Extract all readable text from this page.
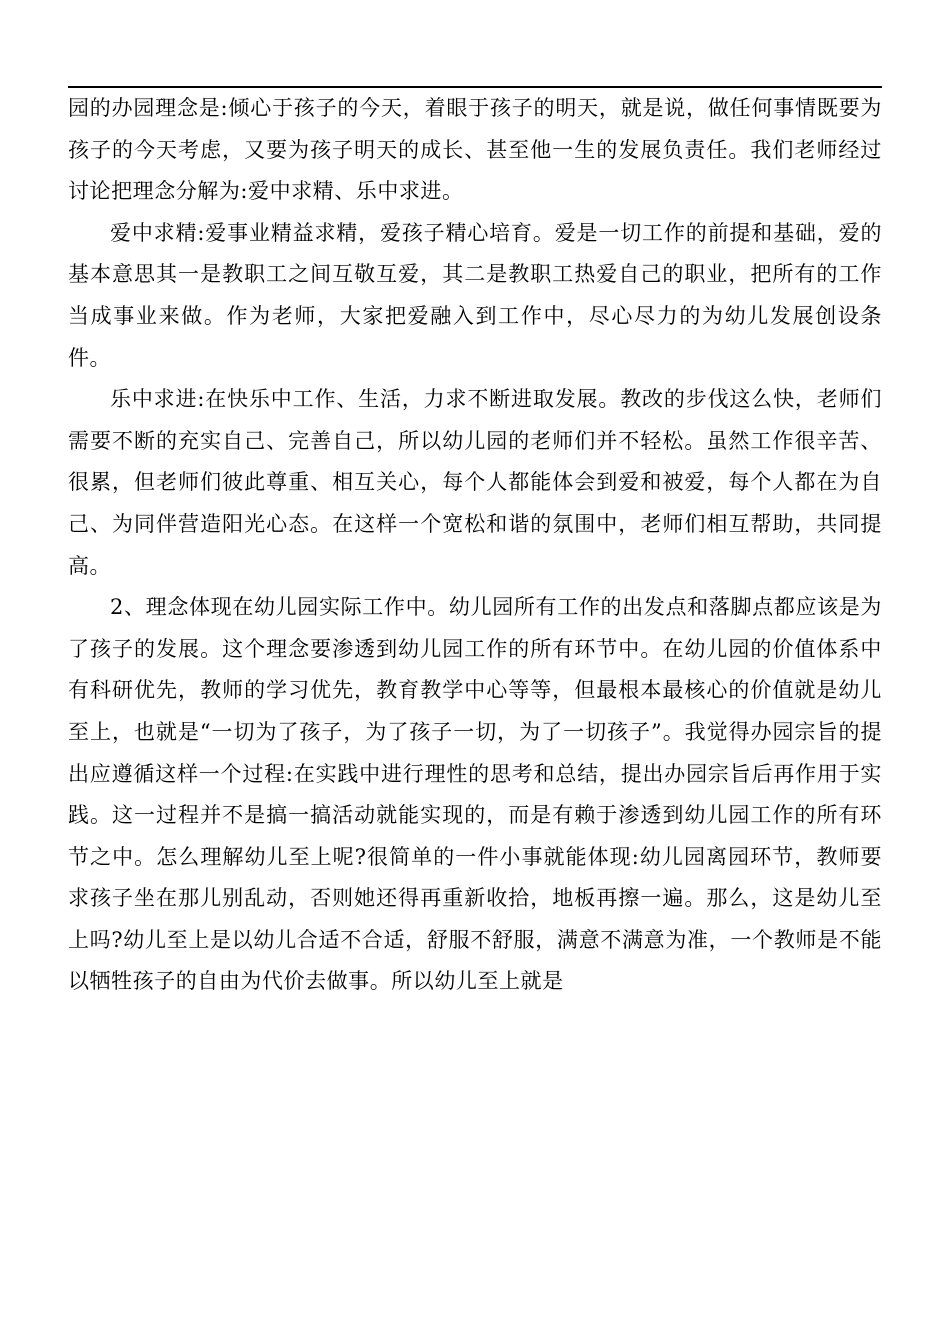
园的办园理念是:倾心于孩子的今天，着眼于孩子的明天，就是说，做任何事情既要为孩子的今天考虑，又要为孩子明天的成长、甚至他一生的发展负责任。我们老师经过讨论把理念分解为:爱中求精、乐中求进。

爱中求精:爱事业精益求精，爱孩子精心培育。爱是一切工作的前提和基础，爱的基本意思其一是教职工之间互敬互爱，其二是教职工热爱自己的职业，把所有的工作当成事业来做。作为老师，大家把爱融入到工作中，尽心尽力的为幼儿发展创设条件。

乐中求进:在快乐中工作、生活，力求不断进取发展。教改的步伐这么快，老师们需要不断的充实自己、完善自己，所以幼儿园的老师们并不轻松。虽然工作很辛苦、很累，但老师们彼此尊重、相互关心，每个人都能体会到爱和被爱，每个人都在为自己、为同伴营造阳光心态。在这样一个宽松和谐的氛围中，老师们相互帮助，共同提高。

2、理念体现在幼儿园实际工作中。幼儿园所有工作的出发点和落脚点都应该是为了孩子的发展。这个理念要渗透到幼儿园工作的所有环节中。在幼儿园的价值体系中有科研优先，教师的学习优先，教育教学中心等等，但最根本最核心的价值就是幼儿至上，也就是“一切为了孩子，为了孩子一切，为了一切孩子”。我觉得办园宗旨的提出应遵循这样一个过程:在实践中进行理性的思考和总结，提出办园宗旨后再作用于实践。这一过程并不是搞一搞活动就能实现的，而是有赖于渗透到幼儿园工作的所有环节之中。怎么理解幼儿至上呢?很简单的一件小事就能体现:幼儿园离园环节，教师要求孩子坐在那儿别乱动，否则她还得再重新收拾，地板再擦一遍。那么，这是幼儿至上吗?幼儿至上是以幼儿合适不合适，舒服不舒服，满意不满意为准，一个教师是不能以牺牲孩子的自由为代价去做事。所以幼儿至上就是
